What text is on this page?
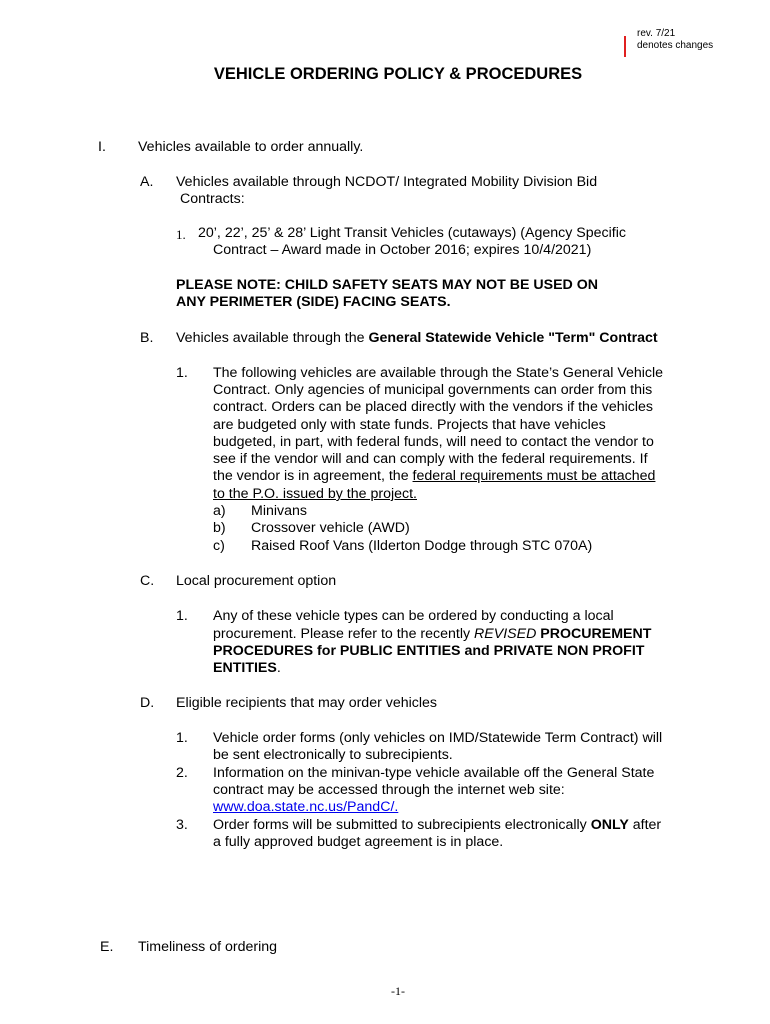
rev. 7/21
denotes changes
VEHICLE ORDERING POLICY & PROCEDURES
I. Vehicles available to order annually.
A. Vehicles available through NCDOT/ Integrated Mobility Division Bid
Contracts:
1. 20’, 22’, 25’ & 28’ Light Transit Vehicles (cutaways) (Agency Specific
Contract – Award made in October 2016; expires 10/4/2021)
PLEASE NOTE: CHILD SAFETY SEATS MAY NOT BE USED ON
ANY PERIMETER (SIDE) FACING SEATS.
B. Vehicles available through the General Statewide Vehicle "Term" Contract
1. The following vehicles are available through the State’s General Vehicle
Contract. Only agencies of municipal governments can order from this
contract. Orders can be placed directly with the vendors if the vehicles
are budgeted only with state funds. Projects that have vehicles
budgeted, in part, with federal funds, will need to contact the vendor to
see if the vendor will and can comply with the federal requirements. If
the vendor is in agreement, the federal requirements must be attached
to the P.O. issued by the project.
a) Minivans
b) Crossover vehicle (AWD)
c) Raised Roof Vans (Ilderton Dodge through STC 070A)
C. Local procurement option
1. Any of these vehicle types can be ordered by conducting a local
procurement. Please refer to the recently REVISED PROCUREMENT
PROCEDURES for PUBLIC ENTITIES and PRIVATE NON PROFIT
ENTITIES.
D. Eligible recipients that may order vehicles
1. Vehicle order forms (only vehicles on IMD/Statewide Term Contract) will
be sent electronically to subrecipients.
2. Information on the minivan-type vehicle available off the General State
contract may be accessed through the internet web site:
www.doa.state.nc.us/PandC/.
3. Order forms will be submitted to subrecipients electronically ONLY after
a fully approved budget agreement is in place.
E. Timeliness of ordering
-1-
